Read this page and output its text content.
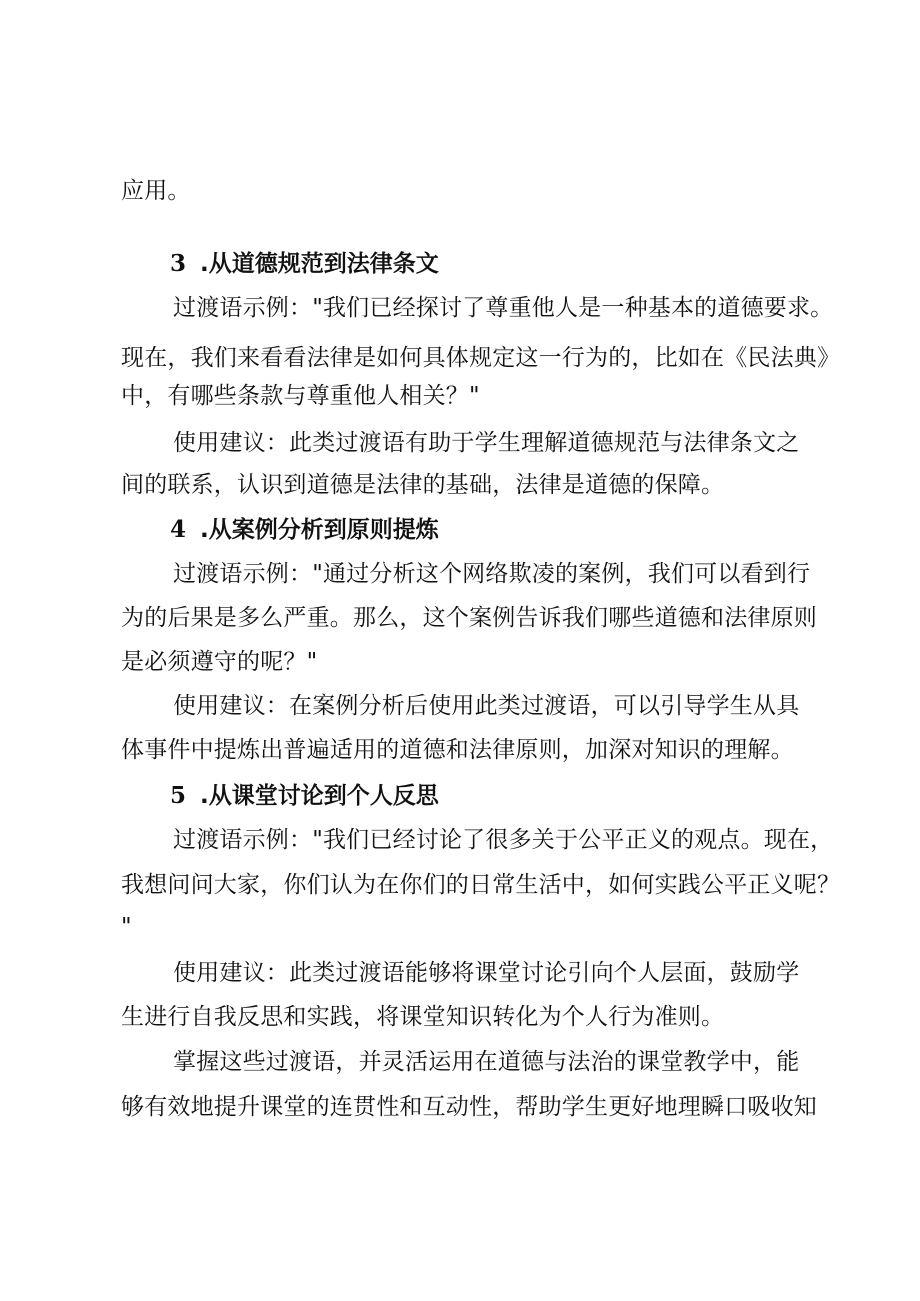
应用。
3 .从道德规范到法律条文
过渡语示例："我们已经探讨了尊重他人是一种基本的道德要求。
现在，我们来看看法律是如何具体规定这一行为的，比如在《民法典》
中，有哪些条款与尊重他人相关？"
使用建议：此类过渡语有助于学生理解道德规范与法律条文之
间的联系，认识到道德是法律的基础，法律是道德的保障。
4 .从案例分析到原则提炼
过渡语示例："通过分析这个网络欺凌的案例，我们可以看到行
为的后果是多么严重。那么，这个案例告诉我们哪些道德和法律原则
是必须遵守的呢？"
使用建议：在案例分析后使用此类过渡语，可以引导学生从具
体事件中提炼出普遍适用的道德和法律原则，加深对知识的理解。
5 .从课堂讨论到个人反思
过渡语示例："我们已经讨论了很多关于公平正义的观点。现在，
我想问问大家，你们认为在你们的日常生活中，如何实践公平正义呢？
"
使用建议：此类过渡语能够将课堂讨论引向个人层面，鼓励学
生进行自我反思和实践，将课堂知识转化为个人行为准则。
掌握这些过渡语，并灵活运用在道德与法治的课堂教学中，能
够有效地提升课堂的连贯性和互动性，帮助学生更好地理瞬口吸收知
